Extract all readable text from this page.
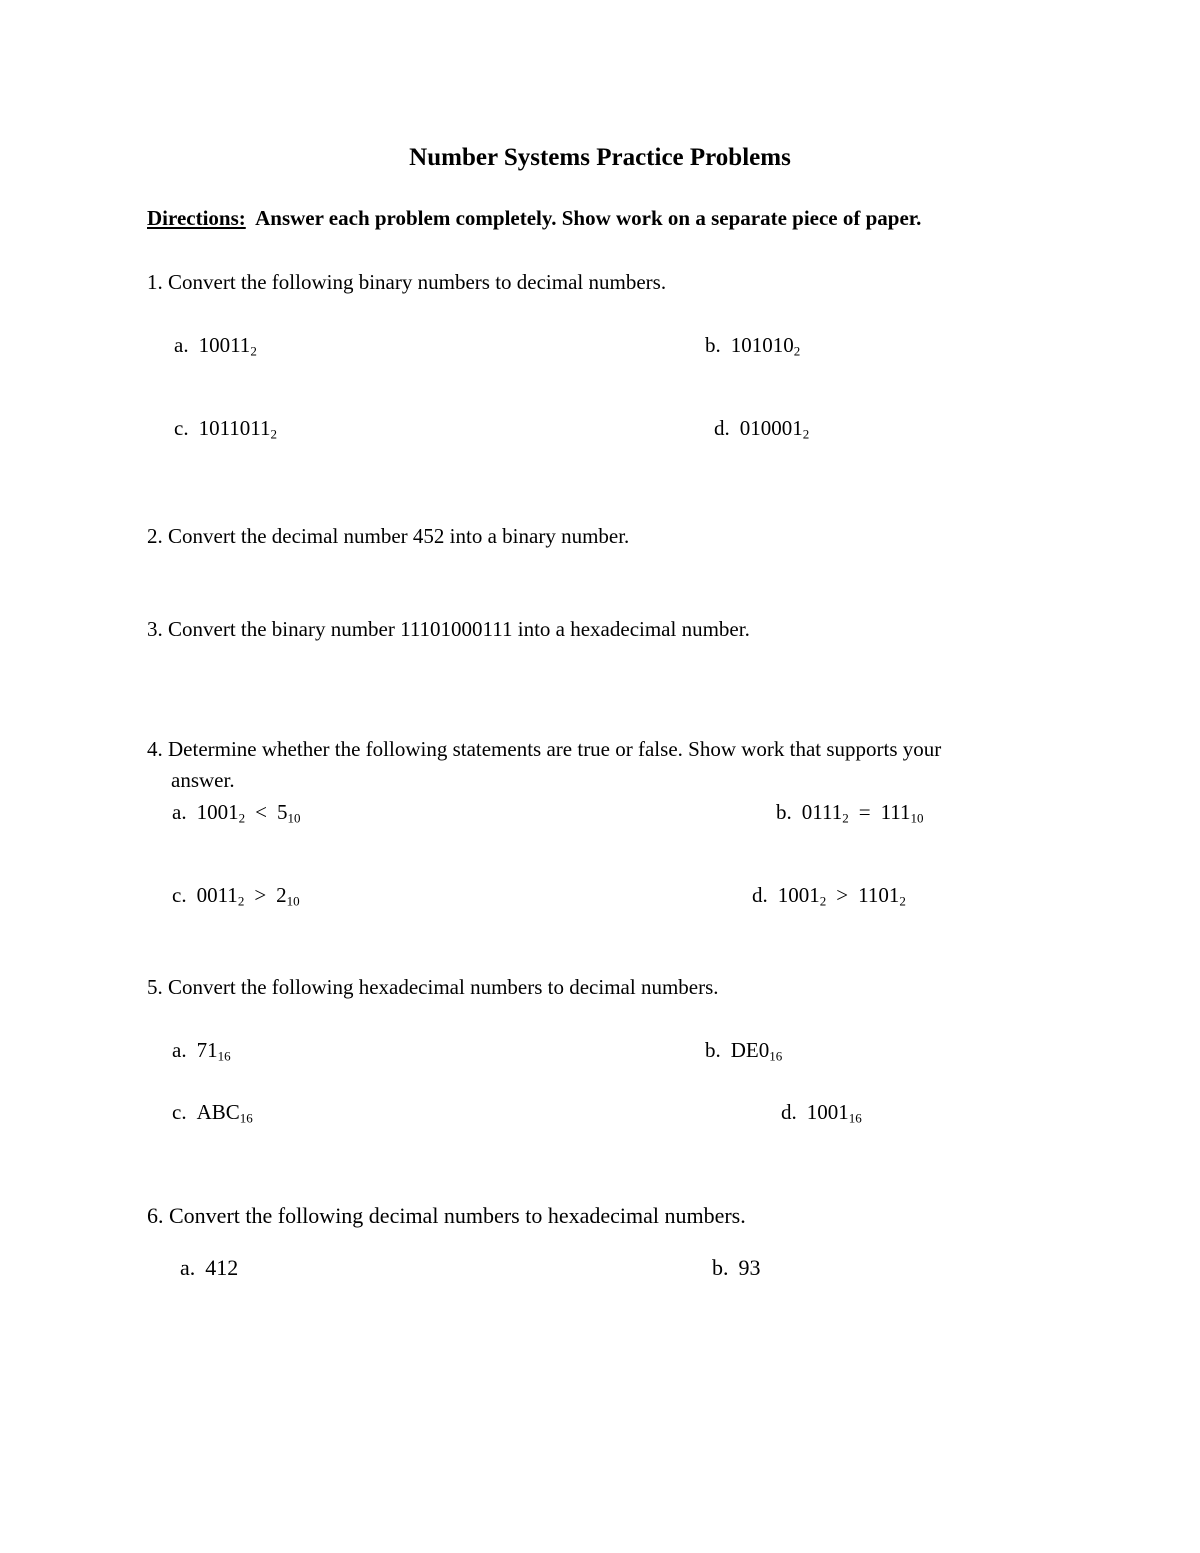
Number Systems Practice Problems
Directions: Answer each problem completely. Show work on a separate piece of paper.
1. Convert the following binary numbers to decimal numbers.
a. $10011_2$	b. $101010_2$
c. $1011011_2$	d. $010001_2$
2. Convert the decimal number 452 into a binary number.
3. Convert the binary number 11101000111 into a hexadecimal number.
4. Determine whether the following statements are true or false. Show work that supports your
answer.
a. $1001_2 < 5_{10}$	b. $0111_2 = 111_{10}$
c. $0011_2 > 2_{10}$	d. $1001_2 > 1101_2$
5. Convert the following hexadecimal numbers to decimal numbers.
a. $71_{16}$	b. $DE0_{16}$
c. $ABC_{16}$	d. $1001_{16}$
6. Convert the following decimal numbers to hexadecimal numbers.
a. 412	b. 93
